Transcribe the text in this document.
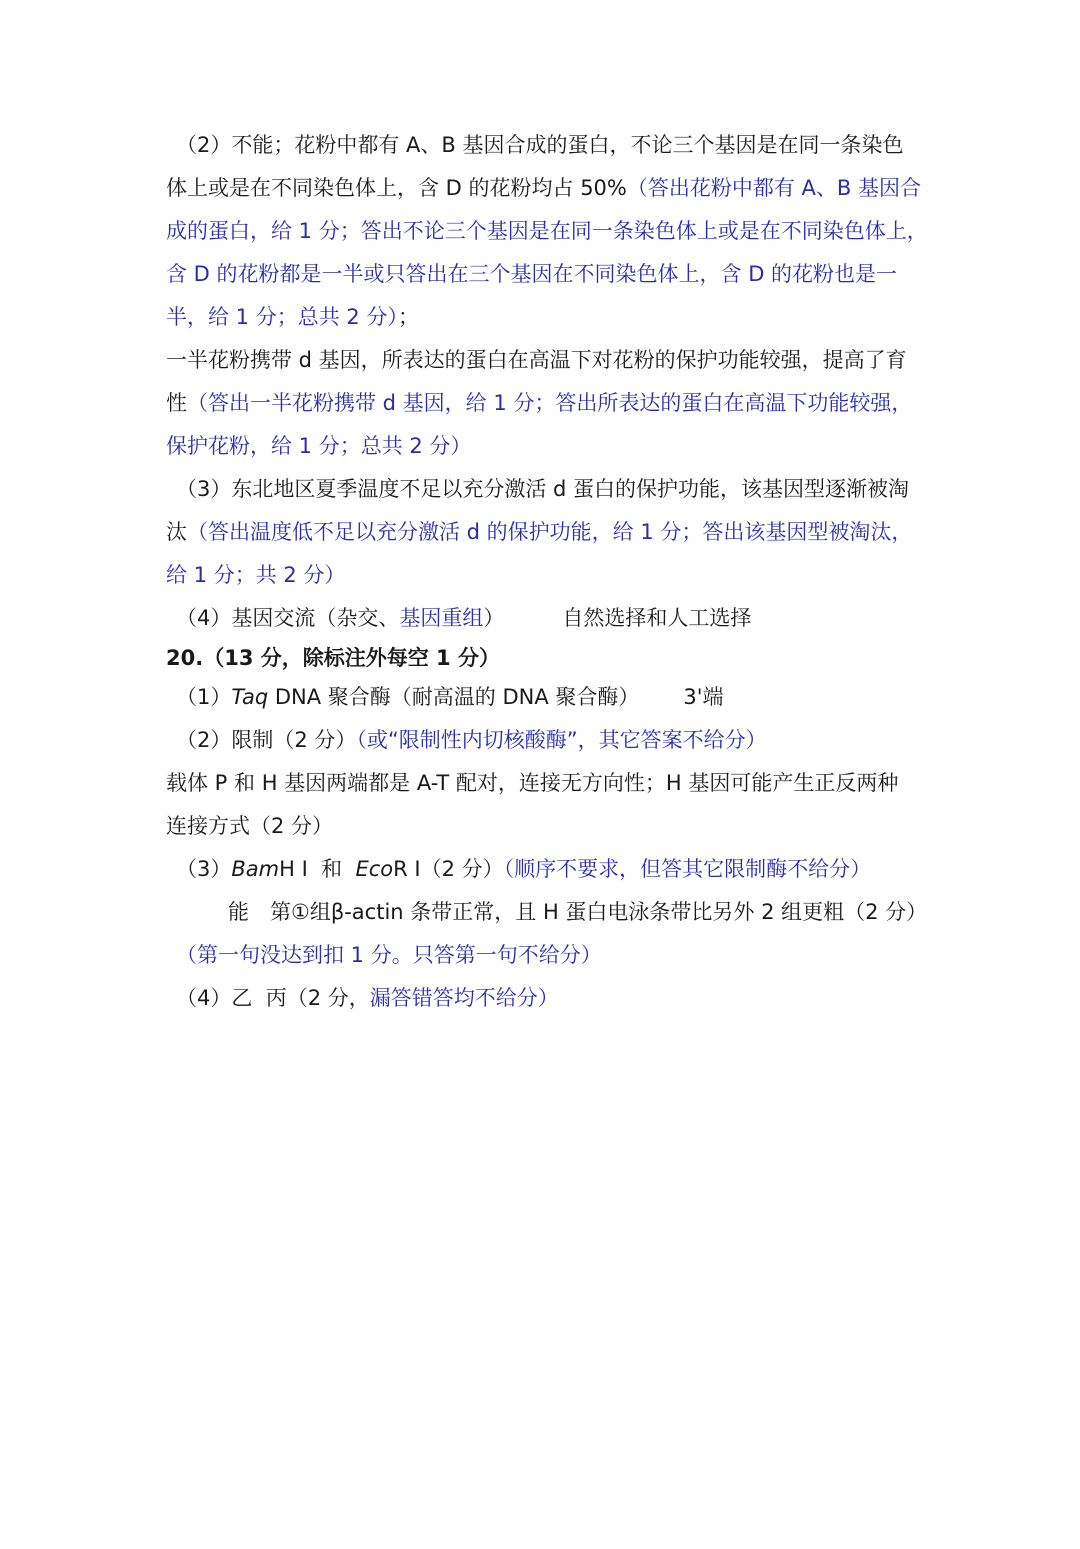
（2）不能；花粉中都有 A、B 基因合成的蛋白，不论三个基因是在同一条染色
体上或是在不同染色体上，含 D 的花粉均占 50%（答出花粉中都有 A、B 基因合
成的蛋白，给 1 分；答出不论三个基因是在同一条染色体上或是在不同染色体上，
含 D 的花粉都是一半或只答出在三个基因在不同染色体上，含 D 的花粉也是一
半，给 1 分；总共 2 分）；
一半花粉携带 d 基因，所表达的蛋白在高温下对花粉的保护功能较强，提高了育
性（答出一半花粉携带 d 基因，给 1 分；答出所表达的蛋白在高温下功能较强，
保护花粉，给 1 分；总共 2 分）
（3）东北地区夏季温度不足以充分激活 d 蛋白的保护功能，该基因型逐渐被淘
汰（答出温度低不足以充分激活 d 的保护功能，给 1 分；答出该基因型被淘汰，
给 1 分；共 2 分）
（4）基因交流（杂交、基因重组）	自然选择和人工选择
20.（13 分，除标注外每空 1 分）
（1）Taq DNA 聚合酶（耐高温的 DNA 聚合酶） 3'端
（2）限制（2 分）（或“限制性内切核酸酶”，其它答案不给分）
载体 P 和 H 基因两端都是 A-T 配对，连接无方向性；H 基因可能产生正反两种
连接方式（2 分）
（3）BamH I  和  EcoR I（2 分）（顺序不要求，但答其它限制酶不给分）
能　第①组β-actin 条带正常，且 H 蛋白电泳条带比另外 2 组更粗（2 分）
（第一句没达到扣 1 分。只答第一句不给分）
（4）乙  丙（2 分，漏答错答均不给分）
